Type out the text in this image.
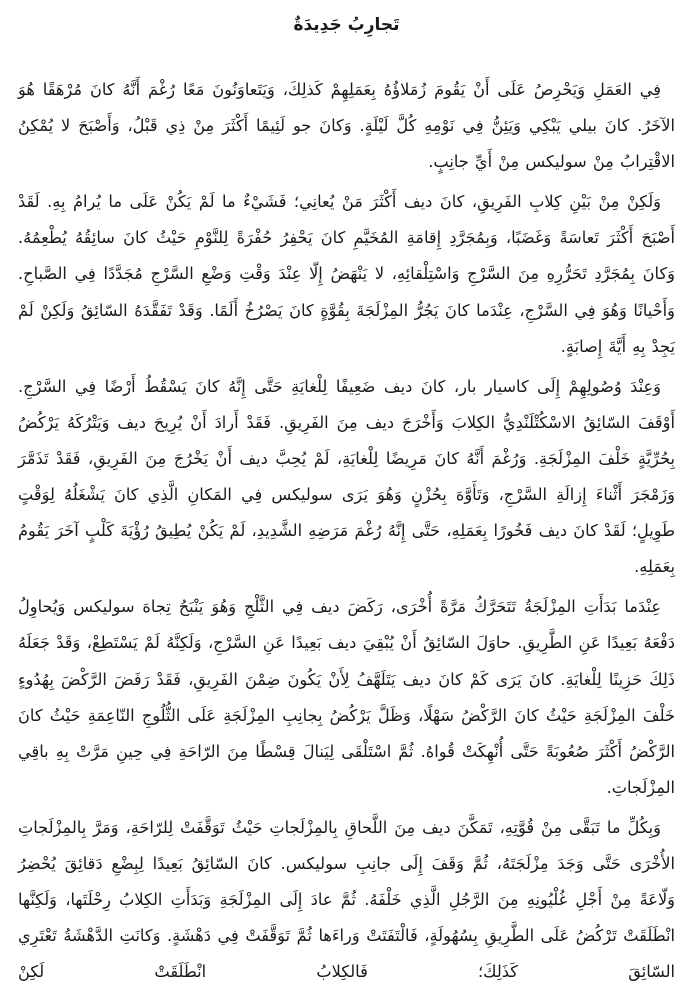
تَجارِبُ جَدِيدَةٌ

فِي العَمَلِ وَيَحْرِصُ عَلَى أَنْ يَقُومَ زُمَلاؤُهُ بِعَمَلِهِمْ كَذلِكَ، وَيَتَعاوَنُونَ مَعًا رُغْمَ أَنَّهُ كانَ مُرْهَقًا هُوَ الآخَرُ. كانَ بيلي يَبْكِي وَيَئِنُّ فِي نَوْمِهِ كُلَّ لَيْلَةٍ. وَكانَ جو لَئِيمًا أَكْثَرَ مِنْ ذِي قَبْلُ، وَأَصْبَحَ لا يُمْكِنُ الاقْتِرابُ مِنْ سوليكس مِنْ أَيِّ جانِبٍ.

وَلَكِنْ مِنْ بَيْنِ كِلابِ الفَرِيقِ، كانَ ديف أَكْثَرَ مَنْ يُعانِي؛ فَشَيْءٌ ما لَمْ يَكُنْ عَلَى ما يُرامُ بِهِ. لَقَدْ أَصْبَحَ أَكْثَرَ تَعاسَةً وَغَضَبًا، وَبِمُجَرَّدِ إِقامَةِ المُخَيَّمِ كانَ يَحْفِرُ حُفْرَةً لِلنَّوْمِ حَيْثُ كانَ سائِقُهُ يُطْعِمُهُ. وَكانَ بِمُجَرَّدِ تَحَرُّرِهِ مِنَ السَّرْجِ وَاسْتِلْقائِهِ، لا يَنْهَضُ إِلّا عِنْدَ وَقْتِ وَضْعِ السَّرْجِ مُجَدَّدًا فِي الصَّباحِ. وَأَحْيانًا وَهُوَ فِي السَّرْجِ، عِنْدَما كانَ يَجُرُّ المِزْلَجَةَ بِقُوَّةٍ كانَ يَصْرُخُ أَلَمًا. وَقَدْ تَفَقَّدَهُ السّائِقُ وَلَكِنْ لَمْ يَجِدْ بِهِ أَيَّةَ إِصابَةٍ.

وَعِنْدَ وُصُولِهِمْ إِلَى كاسيار بار، كانَ ديف ضَعِيفًا لِلْغايَةِ حَتَّى إِنَّهُ كانَ يَسْقُطُ أَرْضًا فِي السَّرْجِ. أَوْقَفَ السّائِقُ الاسْكُتْلَنْدِيُّ الكِلابَ وَأَخْرَجَ ديف مِنَ الفَرِيقِ. فَقَدْ أَرادَ أَنْ يُرِيحَ ديف وَيَتْرُكَهُ يَرْكُضُ بِحُرِّيَّةٍ خَلْفَ المِزْلَجَةِ. وَرُغْمَ أَنَّهُ كانَ مَرِيضًا لِلْغايَةِ، لَمْ يُحِبَّ ديف أَنْ يَخْرُجَ مِنَ الفَرِيقِ، فَقَدْ تَذَمَّرَ وَزَمْجَرَ أَثْناءَ إِزالَةِ السَّرْجِ، وَتَأَوَّهَ بِحُزْنٍ وَهُوَ يَرَى سوليكس فِي المَكانِ الَّذِي كانَ يَشْغَلُهُ لِوَقْتٍ طَوِيلٍ؛ لَقَدْ كانَ ديف فَخُورًا بِعَمَلِهِ، حَتَّى إِنَّهُ رُغْمَ مَرَضِهِ الشَّدِيدِ، لَمْ يَكُنْ يُطِيقُ رُؤْيَةَ كَلْبٍ آخَرَ يَقُومُ بِعَمَلِهِ.

عِنْدَما بَدَأَتِ المِزْلَجَةُ تَتَحَرَّكُ مَرَّةً أُخْرَى، رَكَضَ ديف فِي الثَّلْجِ وَهُوَ يَنْبَحُ تِجاهَ سوليكس وَيُحاوِلُ دَفْعَهُ بَعِيدًا عَنِ الطَّرِيقِ. حاوَلَ السّائِقُ أَنْ يُبْقِيَ ديف بَعِيدًا عَنِ السَّرْجِ، وَلَكِنَّهُ لَمْ يَسْتَطِعْ، وَقَدْ جَعَلَهُ ذَلِكَ حَزِينًا لِلْغايَةِ. كانَ يَرَى كَمْ كانَ ديف يَتَلَهَّفُ لِأَنْ يَكُونَ ضِمْنَ الفَرِيقِ، فَقَدْ رَفَضَ الرَّكْضَ بِهُدُوءٍ خَلْفَ المِزْلَجَةِ حَيْثُ كانَ الرَّكْضُ سَهْلًا، وَظَلَّ يَرْكُضُ بِجانِبِ المِزْلَجَةِ عَلَى الثُّلُوجِ النّاعِمَةِ حَيْثُ كانَ الرَّكْضُ أَكْثَرَ صُعُوبَةً حَتَّى أُنْهِكَتْ قُواهُ. ثُمَّ اسْتَلْقَى لِيَنالَ قِسْطًا مِنَ الرّاحَةِ فِي حِينِ مَرَّتْ بِهِ باقِي المِزْلَجاتِ.

وَبِكُلِّ ما تَبَقَّى مِنْ قُوَّتِهِ، تَمَكَّنَ ديف مِنَ اللَّحاقِ بِالمِزْلَجاتِ حَيْثُ تَوَقَّفَتْ لِلرّاحَةِ، وَمَرَّ بِالمِزْلَجاتِ الأُخْرَى حَتَّى وَجَدَ مِزْلَجَتَهُ، ثُمَّ وَقَفَ إِلَى جانِبِ سوليكس. كانَ السّائِقُ بَعِيدًا لِبِضْعِ دَقائِقَ يُحْضِرُ وَلّاعَةً مِنْ أَجْلِ غُلْيُونِهِ مِنَ الرَّجُلِ الَّذِي خَلْفَهُ. ثُمَّ عادَ إِلَى المِزْلَجَةِ وَبَدَأَتِ الكِلابُ رِحْلَتَها، وَلَكِنَّها انْطَلَقَتْ تَرْكُضُ عَلَى الطَّرِيقِ بِسُهُولَةٍ، فَالْتَفَتَتْ وَراءَها ثُمَّ تَوَقَّفَتْ فِي دَهْشَةٍ. وَكانَتِ الدَّهْشَةُ تَعْتَرِي السّائِقَ كَذَلِكَ؛ فَالكِلابُ انْطَلَقَتْ لَكِنْ
